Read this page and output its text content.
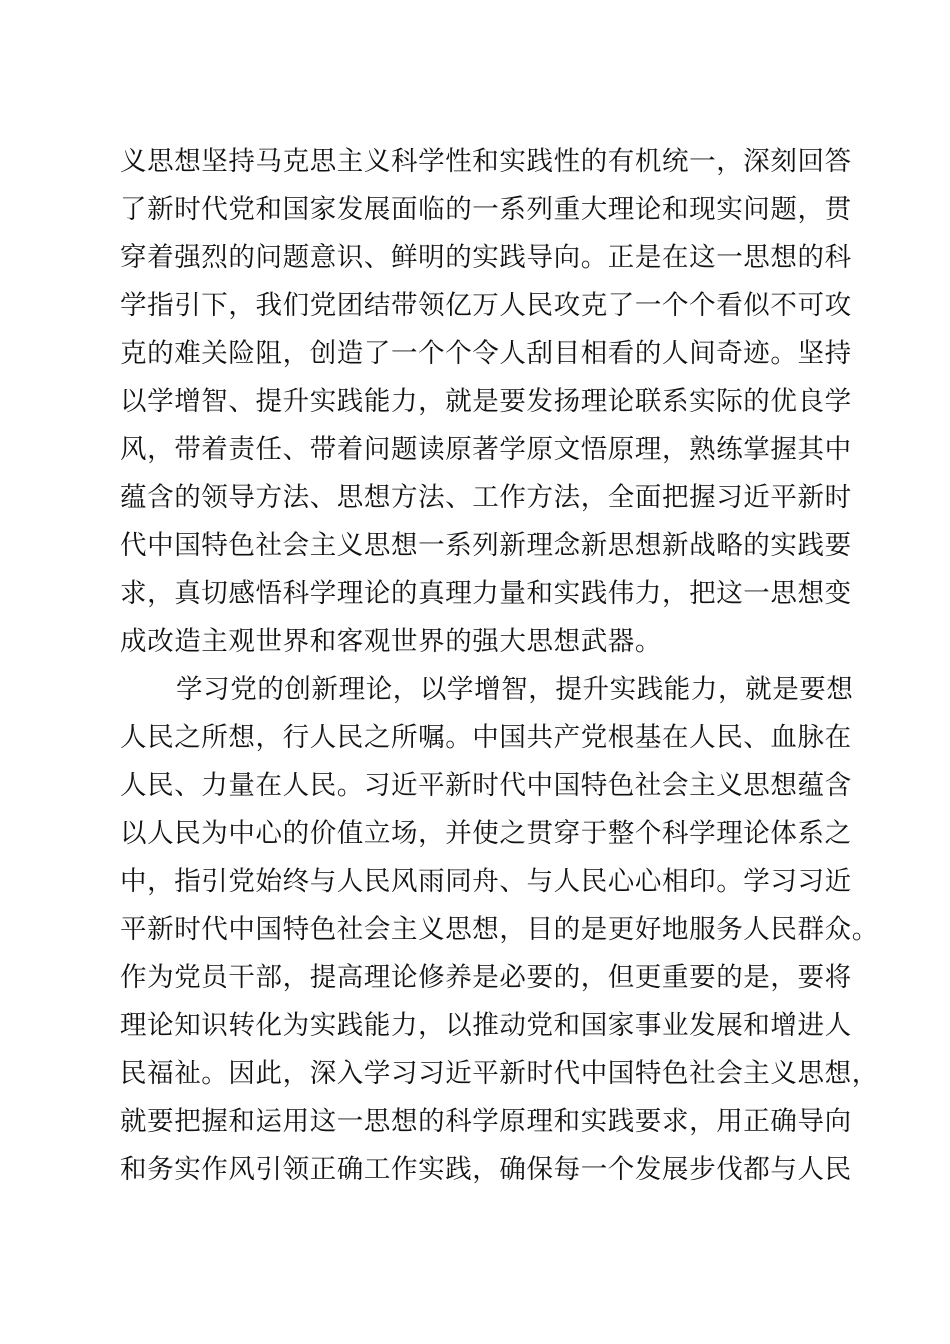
义思想坚持马克思主义科学性和实践性的有机统一，深刻回答
了新时代党和国家发展面临的一系列重大理论和现实问题，贯
穿着强烈的问题意识、鲜明的实践导向。正是在这一思想的科
学指引下，我们党团结带领亿万人民攻克了一个个看似不可攻
克的难关险阻，创造了一个个令人刮目相看的人间奇迹。坚持
以学增智、提升实践能力，就是要发扬理论联系实际的优良学
风，带着责任、带着问题读原著学原文悟原理，熟练掌握其中
蕴含的领导方法、思想方法、工作方法，全面把握习近平新时
代中国特色社会主义思想一系列新理念新思想新战略的实践要
求，真切感悟科学理论的真理力量和实践伟力，把这一思想变
成改造主观世界和客观世界的强大思想武器。
学习党的创新理论，以学增智，提升实践能力，就是要想
人民之所想，行人民之所嘱。中国共产党根基在人民、血脉在
人民、力量在人民。习近平新时代中国特色社会主义思想蕴含
以人民为中心的价值立场，并使之贯穿于整个科学理论体系之
中，指引党始终与人民风雨同舟、与人民心心相印。学习习近
平新时代中国特色社会主义思想，目的是更好地服务人民群众。
作为党员干部，提高理论修养是必要的，但更重要的是，要将
理论知识转化为实践能力，以推动党和国家事业发展和增进人
民福祉。因此，深入学习习近平新时代中国特色社会主义思想，
就要把握和运用这一思想的科学原理和实践要求，用正确导向
和务实作风引领正确工作实践，确保每一个发展步伐都与人民
